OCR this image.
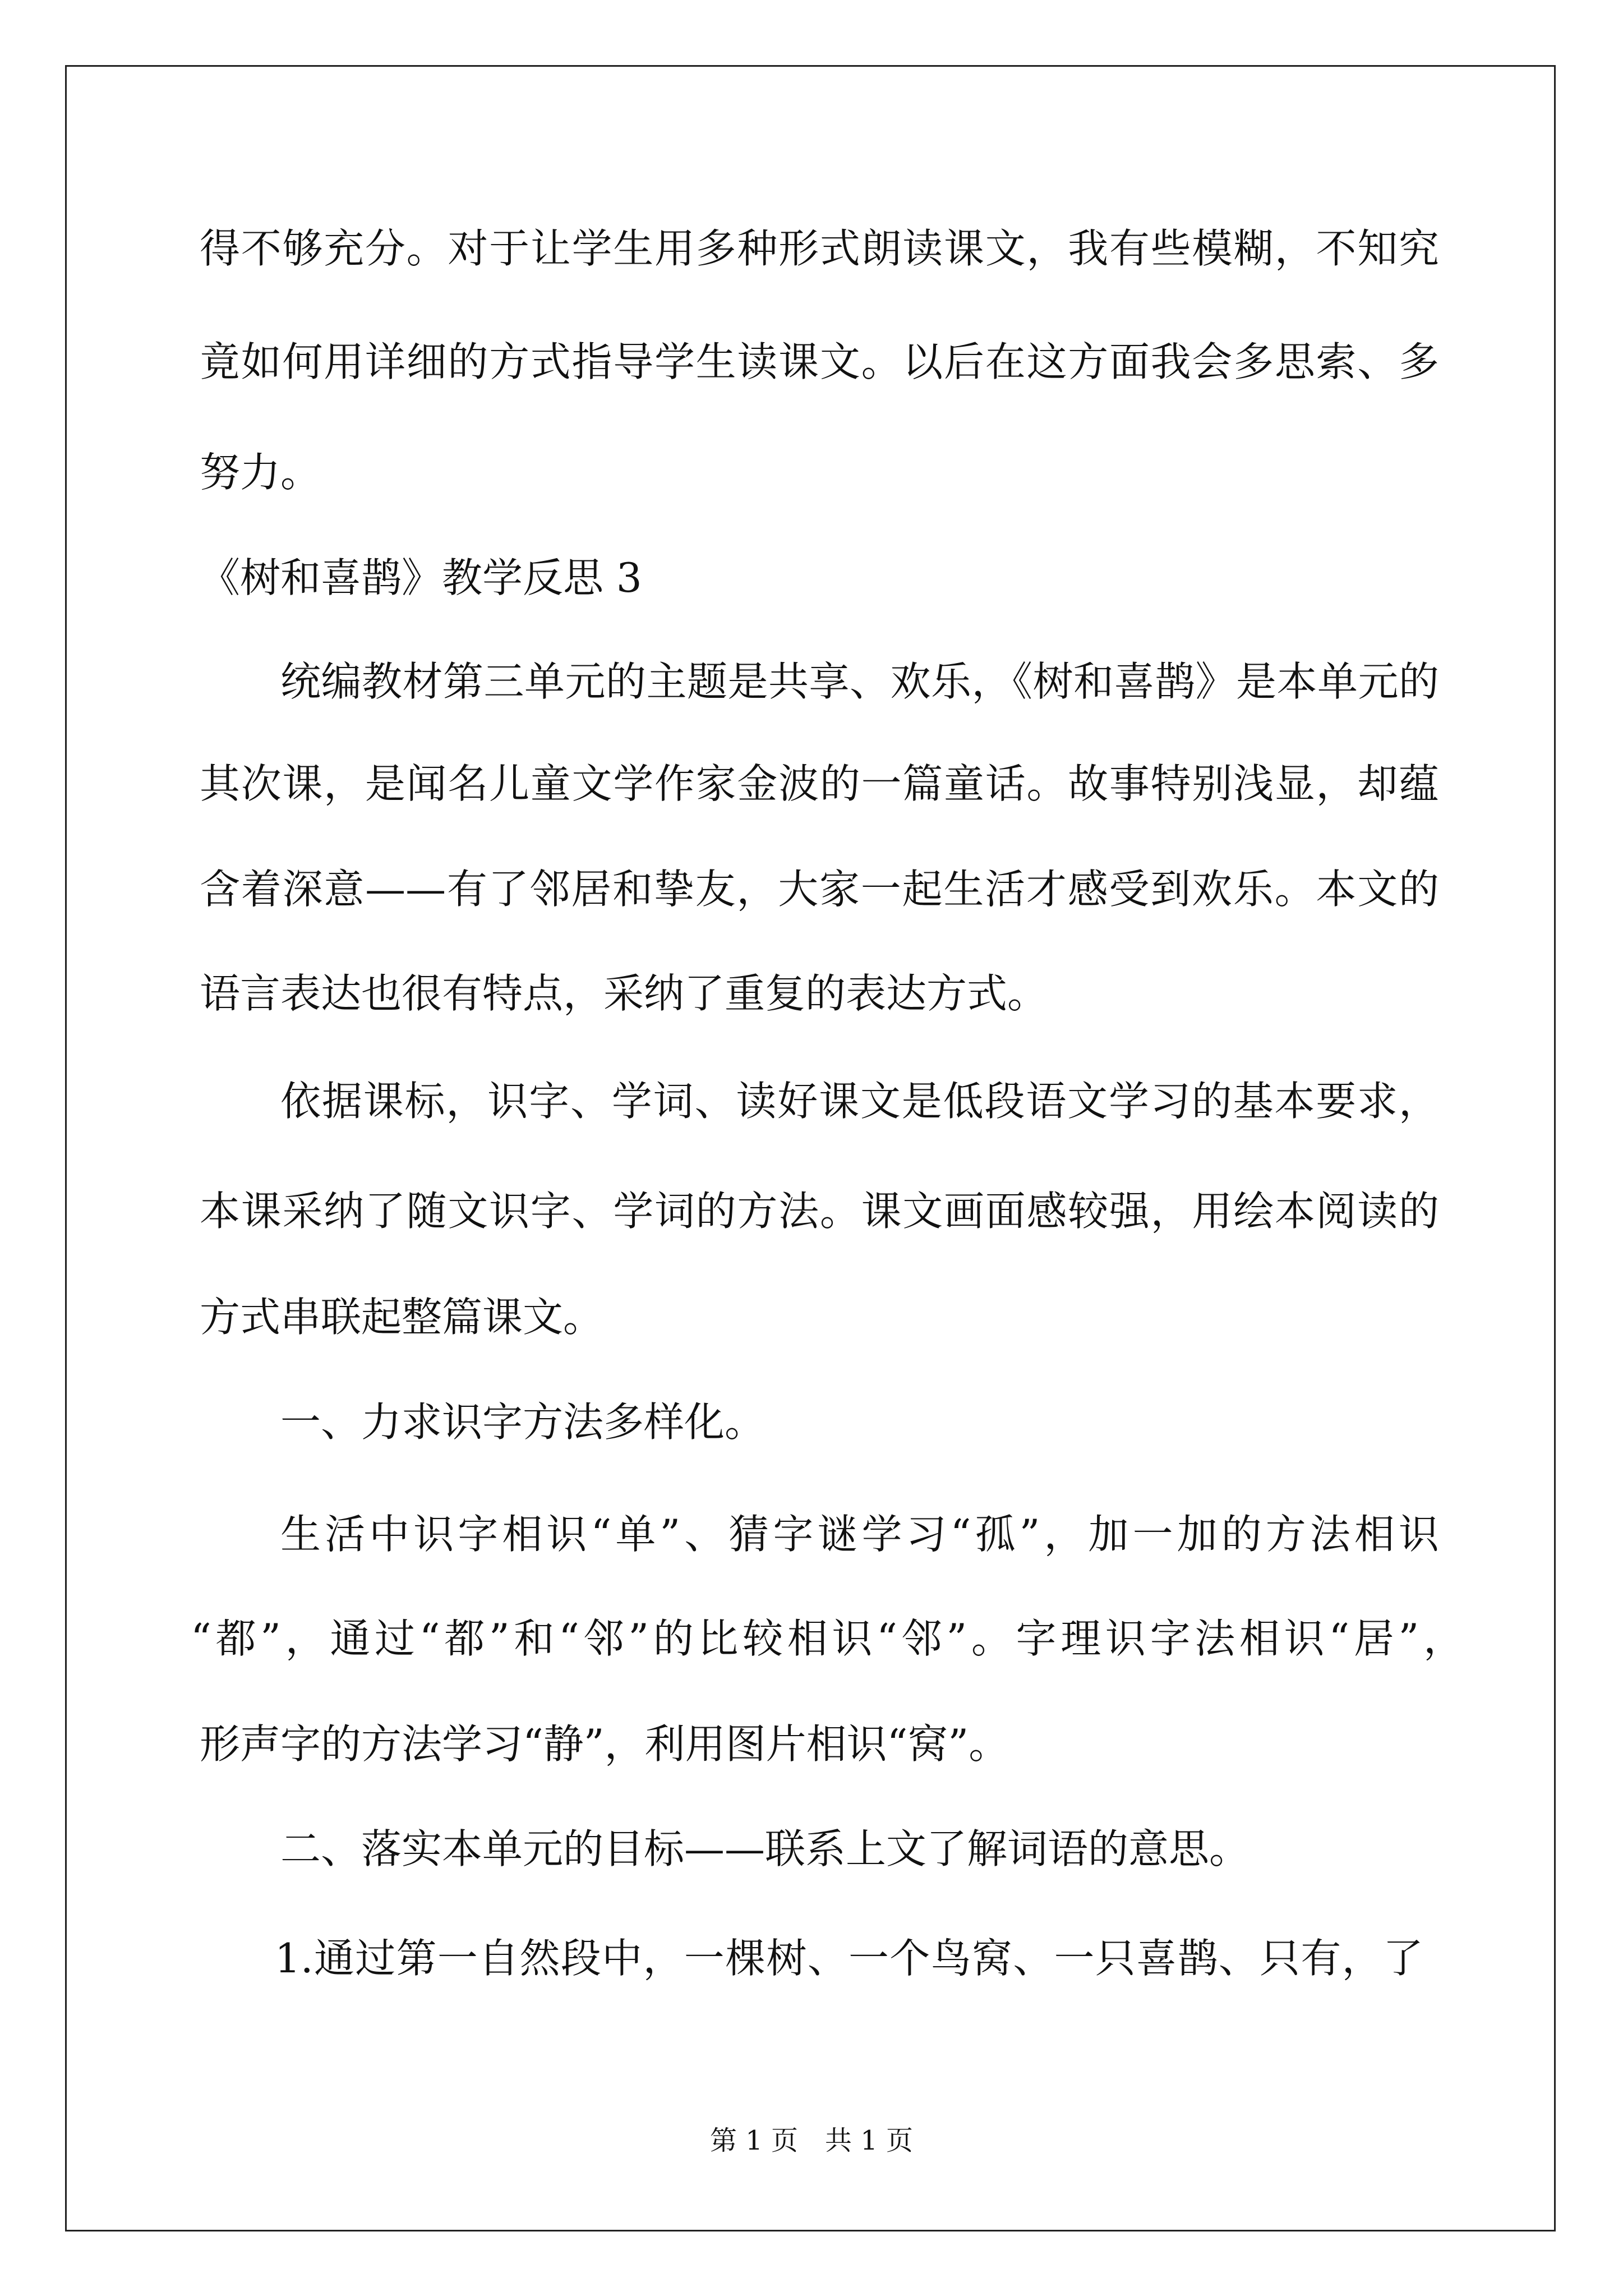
得不够充分。对于让学生用多种形式朗读课文，我有些模糊，不知究
竟如何用详细的方式指导学生读课文。以后在这方面我会多思索、多
努力。
《树和喜鹊》教学反思 3
统编教材第三单元的主题是共享、欢乐，《树和喜鹊》是本单元的
其次课，是闻名儿童文学作家金波的一篇童话。故事特别浅显，却蕴
含着深意——有了邻居和挚友，大家一起生活才感受到欢乐。本文的
语言表达也很有特点，采纳了重复的表达方式。
依据课标，识字、学词、读好课文是低段语文学习的基本要求，
本课采纳了随文识字、学词的方法。课文画面感较强，用绘本阅读的
方式串联起整篇课文。
一、力求识字方法多样化。
生活中识字相识“单”、猜字谜学习“孤”，加一加的方法相识
“都”，通过“都”和“邻”的比较相识“邻”。字理识字法相识“居”，
形声字的方法学习“静”，利用图片相识“窝”。
二、落实本单元的目标——联系上文了解词语的意思。
1.通过第一自然段中，一棵树、一个鸟窝、一只喜鹊、只有，了
第 1 页　共 1 页
